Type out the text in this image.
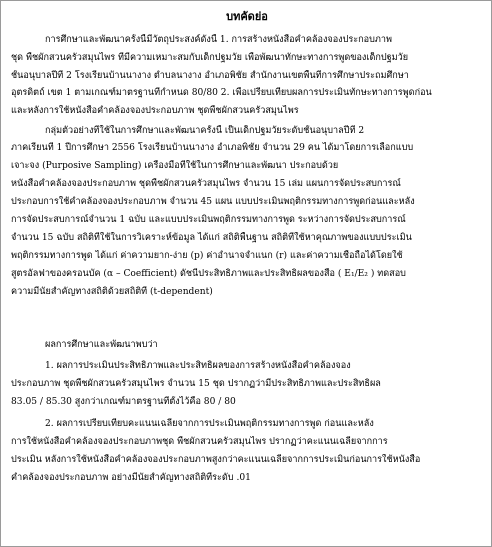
บทคัดย่อ
การศึกษาและพัฒนาครั้งนี้มีวัตถุประสงค์ดังนี้ 1. การสร้างหนังสือคำคล้องจองประกอบภาพ
ชุด พืชผักสวนครัวสมุนไพร ที่มีความเหมาะสมกับเด็กปฐมวัย เพื่อพัฒนาทักษะทางการพูดของเด็กปฐมวัย
ชั้นอนุบาลปีที่ 2 โรงเรียนบ้านนางาง ตำบลนางาง อำเภอพิชัย สำนักงานเขตพื้นที่การศึกษาประถมศึกษา
อุตรดิตถ์ เขต 1 ตามเกณฑ์มาตรฐานที่กำหนด 80/80 2. เพื่อเปรียบเทียบผลการประเมินทักษะทางการพูดก่อน
และหลังการใช้หนังสือคำคล้องจองประกอบภาพ ชุดพืชผักสวนครัวสมุนไพร
กลุ่มตัวอย่างที่ใช้ในการศึกษาและพัฒนาครั้งนี้ เป็นเด็กปฐมวัยระดับชั้นอนุบาลปีที่ 2
ภาคเรียนที่ 1 ปีการศึกษา 2556 โรงเรียนบ้านนางาง อำเภอพิชัย จำนวน 29 คน ได้มาโดยการเลือกแบบ
เจาะจง (Purposive Sampling) เครื่องมือที่ใช้ในการศึกษาและพัฒนา ประกอบด้วย
หนังสือคำคล้องจองประกอบภาพ ชุดพืชผักสวนครัวสมุนไพร จำนวน 15 เล่ม แผนการจัดประสบการณ์
ประกอบการใช้คำคล้องจองประกอบภาพ จำนวน 45 แผน แบบประเมินพฤติกรรมทางการพูดก่อนและหลัง
การจัดประสบการณ์จำนวน 1 ฉบับ และแบบประเมินพฤติกรรมทางการพูด ระหว่างการจัดประสบการณ์
จำนวน 15 ฉบับ สถิติที่ใช้ในการวิเคราะห์ข้อมูล ได้แก่ สถิติพื้นฐาน สถิติที่ใช้หาคุณภาพของแบบประเมิน
พฤติกรรมทางการพูด ได้แก่ ค่าความยาก-ง่าย (p) ค่าอำนาจจำแนก (r) และค่าความเชื่อถือได้โดยใช้
สูตรอัลฟาของครอนบัค (α – Coefficient) ดัชนีประสิทธิภาพและประสิทธิผลของสื่อ ( E₁/E₂ ) ทดสอบ
ความมีนัยสำคัญทางสถิติด้วยสถิติที (t-dependent)
ผลการศึกษาและพัฒนาพบว่า
1. ผลการประเมินประสิทธิภาพและประสิทธิผลของการสร้างหนังสือคำคล้องจอง
ประกอบภาพ ชุดพืชผักสวนครัวสมุนไพร จำนวน 15 ชุด ปรากฏว่ามีประสิทธิภาพและประสิทธิผล
83.05 / 85.30 สูงกว่าเกณฑ์มาตรฐานที่ตั้งไว้คือ 80 / 80
2. ผลการเปรียบเทียบคะแนนเฉลี่ยจากการประเมินพฤติกรรมทางการพูด ก่อนและหลัง
การใช้หนังสือคำคล้องจองประกอบภาพชุด พืชผักสวนครัวสมุนไพร ปรากฏว่าคะแนนเฉลี่ยจากการ
ประเมิน หลังการใช้หนังสือคำคล้องจองประกอบภาพสูงกว่าคะแนนเฉลี่ยจากการประเมินก่อนการใช้หนังสือ
คำคล้องจองประกอบภาพ อย่างมีนัยสำคัญทางสถิติที่ระดับ .01
